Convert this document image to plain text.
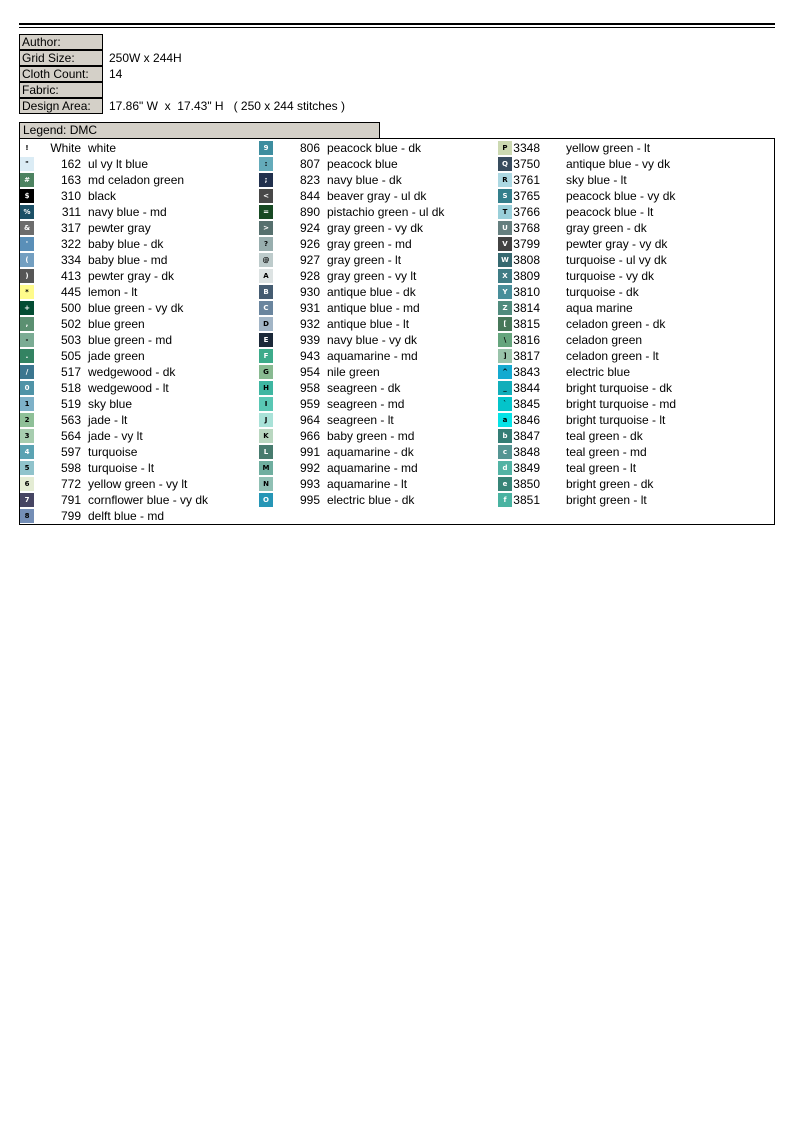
Author:
Grid Size:	250W x 244H
Cloth Count:	14
Fabric:
Design Area:	17.86" W  x  17.43" H   ( 250 x 244 stitches )
Legend: DMC
!	White white
"	162 ul vy lt blue
#	163 md celadon green
$	310 black
%	311 navy blue - md
&	317 pewter gray
'	322 baby blue - dk
(	334 baby blue - md
)	413 pewter gray - dk
*	445 lemon - lt
+	500 blue green - vy dk
,	502 blue green
-	503 blue green - md
.	505 jade green
/	517 wedgewood - dk
0	518 wedgewood - lt
1	519 sky blue
2	563 jade - lt
3	564 jade - vy lt
4	597 turquoise
5	598 turquoise - lt
6	772 yellow green - vy lt
7	791 cornflower blue - vy dk
8	799 delft blue - md
9	806 peacock blue - dk
:	807 peacock blue
;	823 navy blue - dk
<	844 beaver gray - ul dk
=	890 pistachio green - ul dk
>	924 gray green - vy dk
?	926 gray green - md
@	927 gray green - lt
A	928 gray green - vy lt
B	930 antique blue - dk
C	931 antique blue - md
D	932 antique blue - lt
E	939 navy blue - vy dk
F	943 aquamarine - md
G	954 nile green
H	958 seagreen - dk
I	959 seagreen - md
J	964 seagreen - lt
K	966 baby green - md
L	991 aquamarine - dk
M	992 aquamarine - md
N	993 aquamarine - lt
O	995 electric blue - dk
P 3348 yellow green - lt
Q 3750 antique blue - vy dk
R 3761 sky blue - lt
S 3765 peacock blue - vy dk
T 3766 peacock blue - lt
U 3768 gray green - dk
V 3799 pewter gray - vy dk
W 3808 turquoise - ul vy dk
X 3809 turquoise - vy dk
Y 3810 turquoise - dk
Z 3814 aqua marine
[ 3815 celadon green - dk
\ 3816 celadon green
] 3817 celadon green - lt
^ 3843 electric blue
_ 3844 bright turquoise - dk
` 3845 bright turquoise - md
a 3846 bright turquoise - lt
b 3847 teal green - dk
c 3848 teal green - md
d 3849 teal green - lt
e 3850 bright green - dk
f 3851 bright green - lt
